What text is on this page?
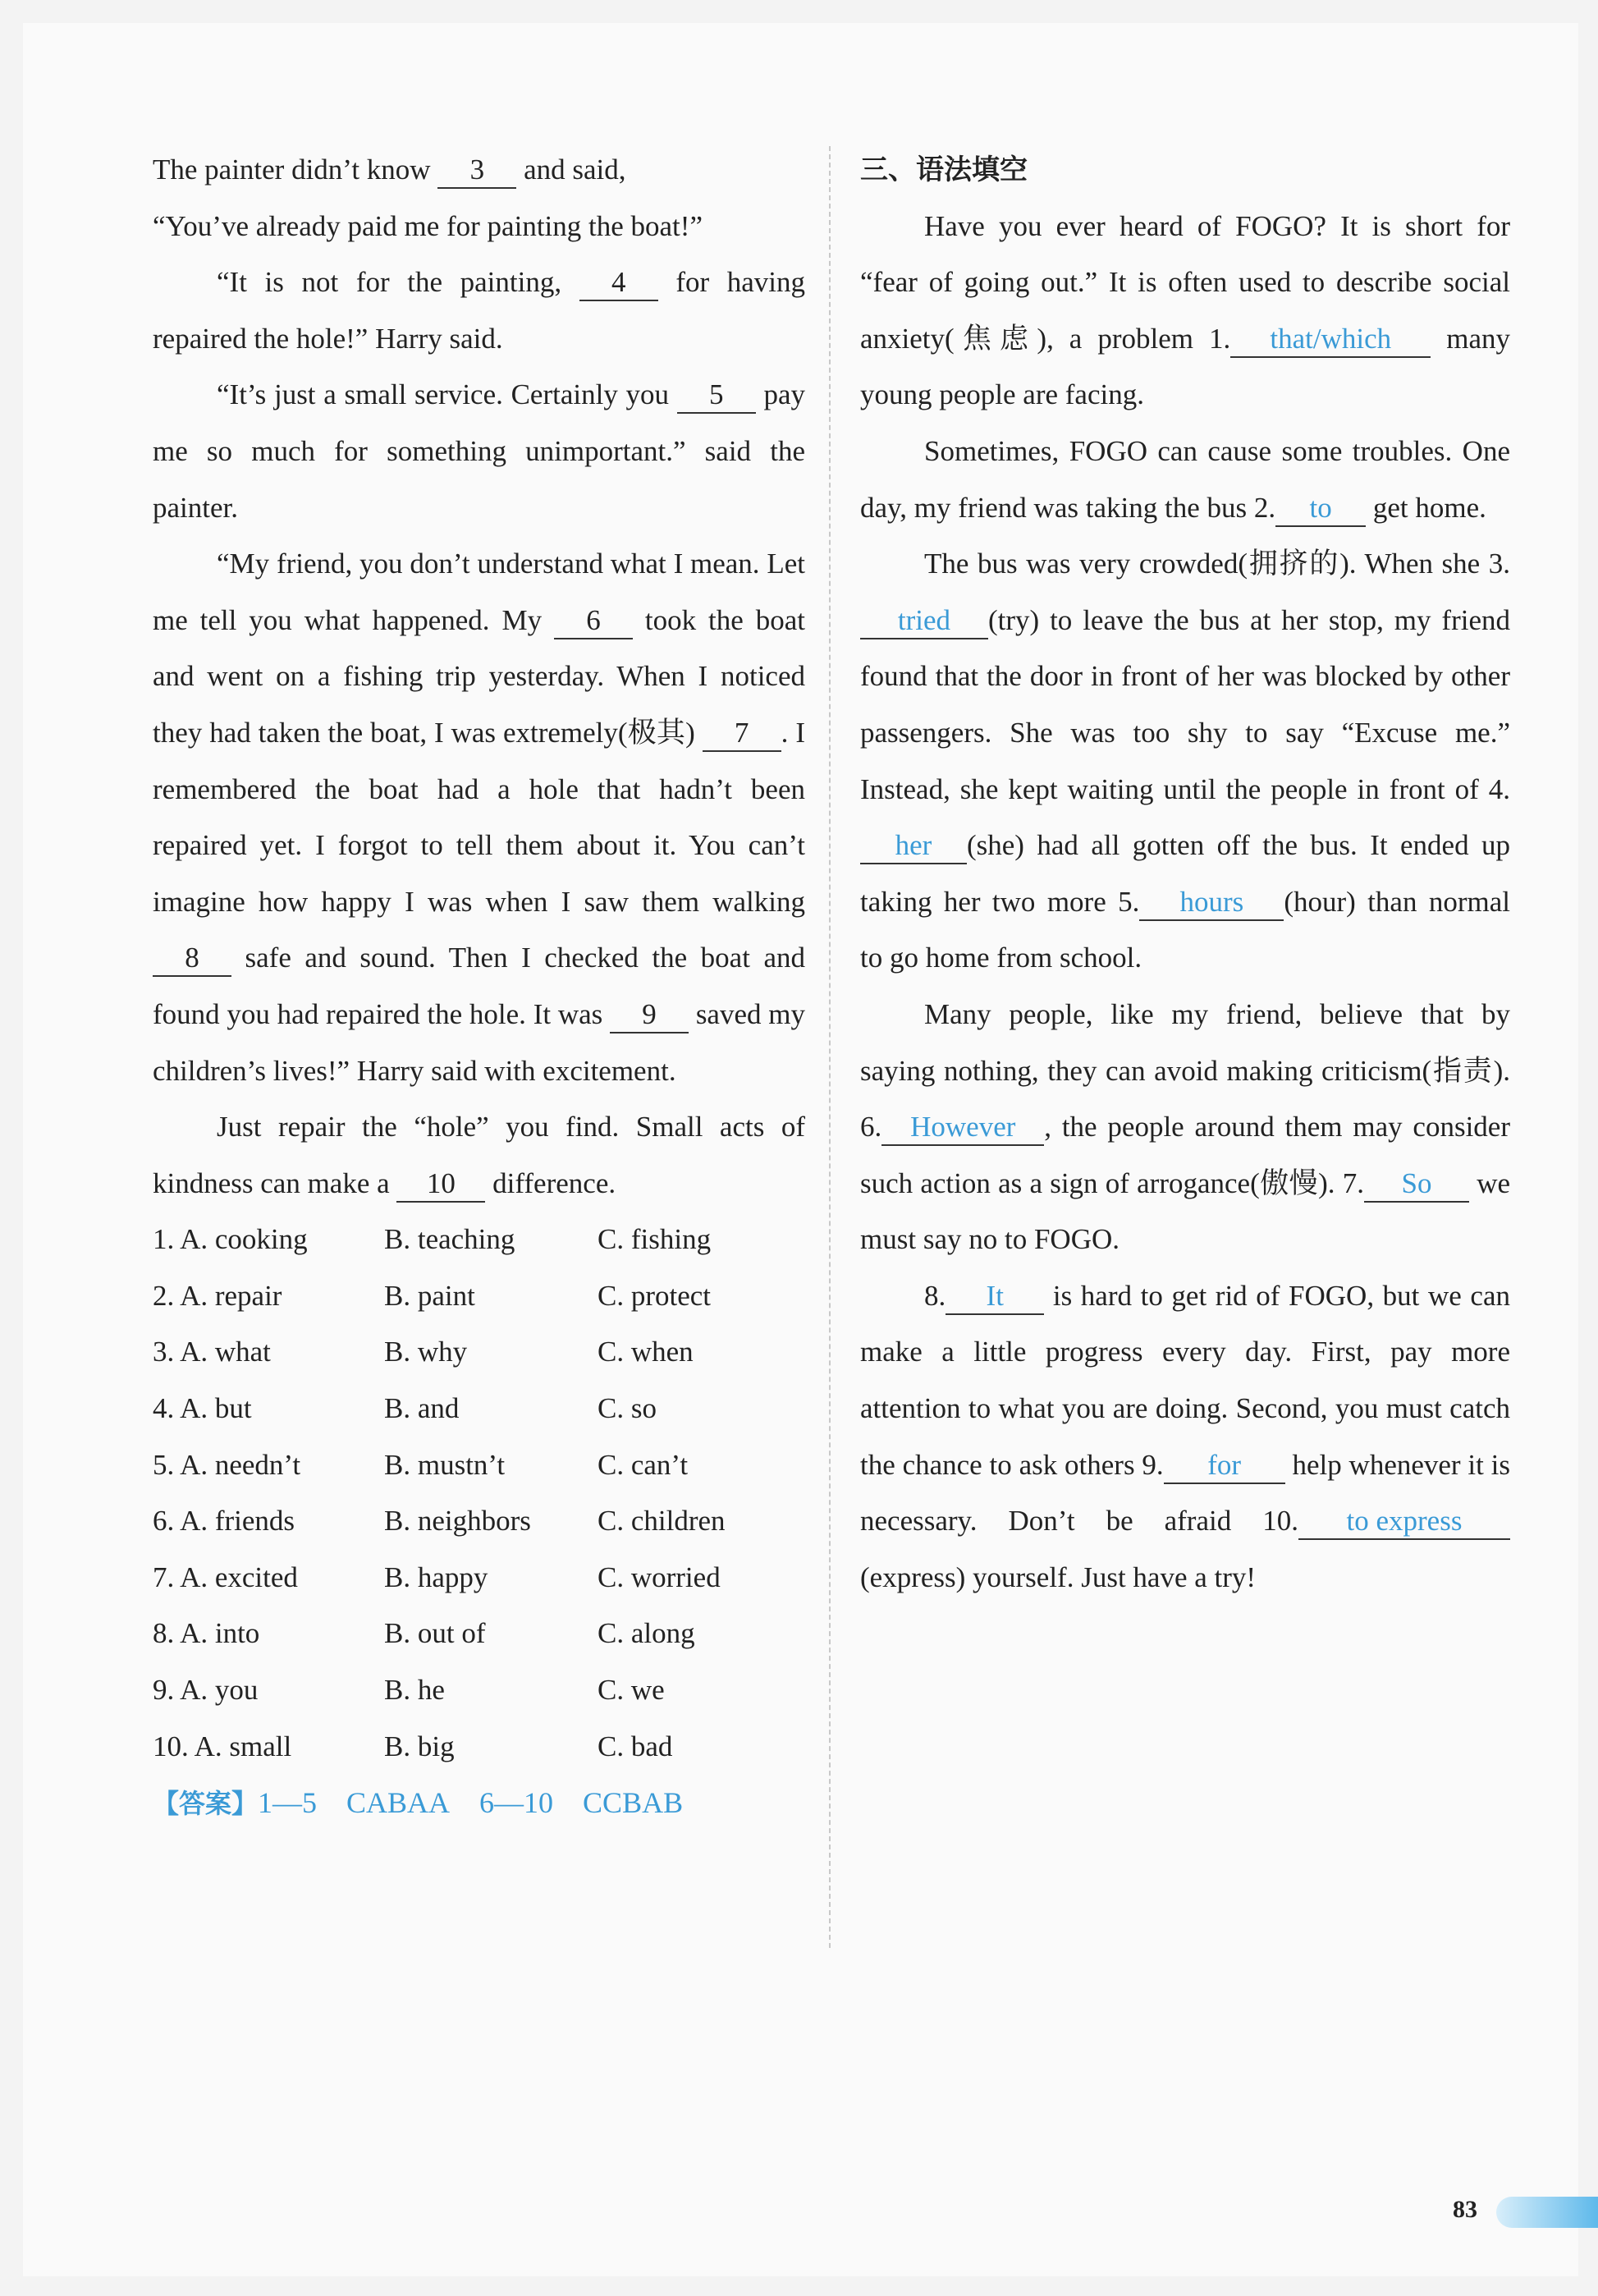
The painter didn’t know 3 and said,
“You’ve already paid me for painting the boat!”

“It is not for the painting, 4 for having repaired the hole!” Harry said.

“It’s just a small service. Certainly you 5 pay me so much for something unimportant.” said the painter.

“My friend, you don’t understand what I mean. Let me tell you what happened. My 6 took the boat and went on a fishing trip yesterday. When I noticed they had taken the boat, I was extremely(极其) 7 . I remembered the boat had a hole that hadn’t been repaired yet. I forgot to tell them about it. You can’t imagine how happy I was when I saw them walking 8 safe and sound. Then I checked the boat and found you had repaired the hole. It was 9 saved my children’s lives!” Harry said with excitement.

Just repair the “hole” you find. Small acts of kindness can make a 10 difference.

1. A. cooking	B. teaching	C. fishing
2. A. repair	B. paint	C. protect
3. A. what	B. why	C. when
4. A. but	B. and	C. so
5. A. needn’t	B. mustn’t	C. can’t
6. A. friends	B. neighbors	C. children
7. A. excited	B. happy	C. worried
8. A. into	B. out of	C. along
9. A. you	B. he	C. we
10. A. small	B. big	C. bad
【答案】1—5 CABAA 6—10 CCBAB
三、语法填空

Have you ever heard of FOGO? It is short for “fear of going out.” It is often used to describe social anxiety(焦虑), a problem 1. that/which many young people are facing.

Sometimes, FOGO can cause some troubles. One day, my friend was taking the bus 2. to get home.

The bus was very crowded(拥挤的). When she 3.tried (try) to leave the bus at her stop, my friend found that the door in front of her was blocked by other passengers. She was too shy to say “Excuse me.” Instead, she kept waiting until the people in front of 4.her (she) had all gotten off the bus. It ended up taking her two more 5. hours (hour) than normal to go home from school.

Many people, like my friend, believe that by saying nothing, they can avoid making criticism(指责). 6. However , the people around them may consider such action as a sign of arrogance(傲慢). 7. So we must say no to FOGO.

8. It is hard to get rid of FOGO, but we can make a little progress every day. First, pay more attention to what you are doing. Second, you must catch the chance to ask others 9. for help whenever it is necessary. Don’t be afraid 10. to express(express) yourself. Just have a try!

83
